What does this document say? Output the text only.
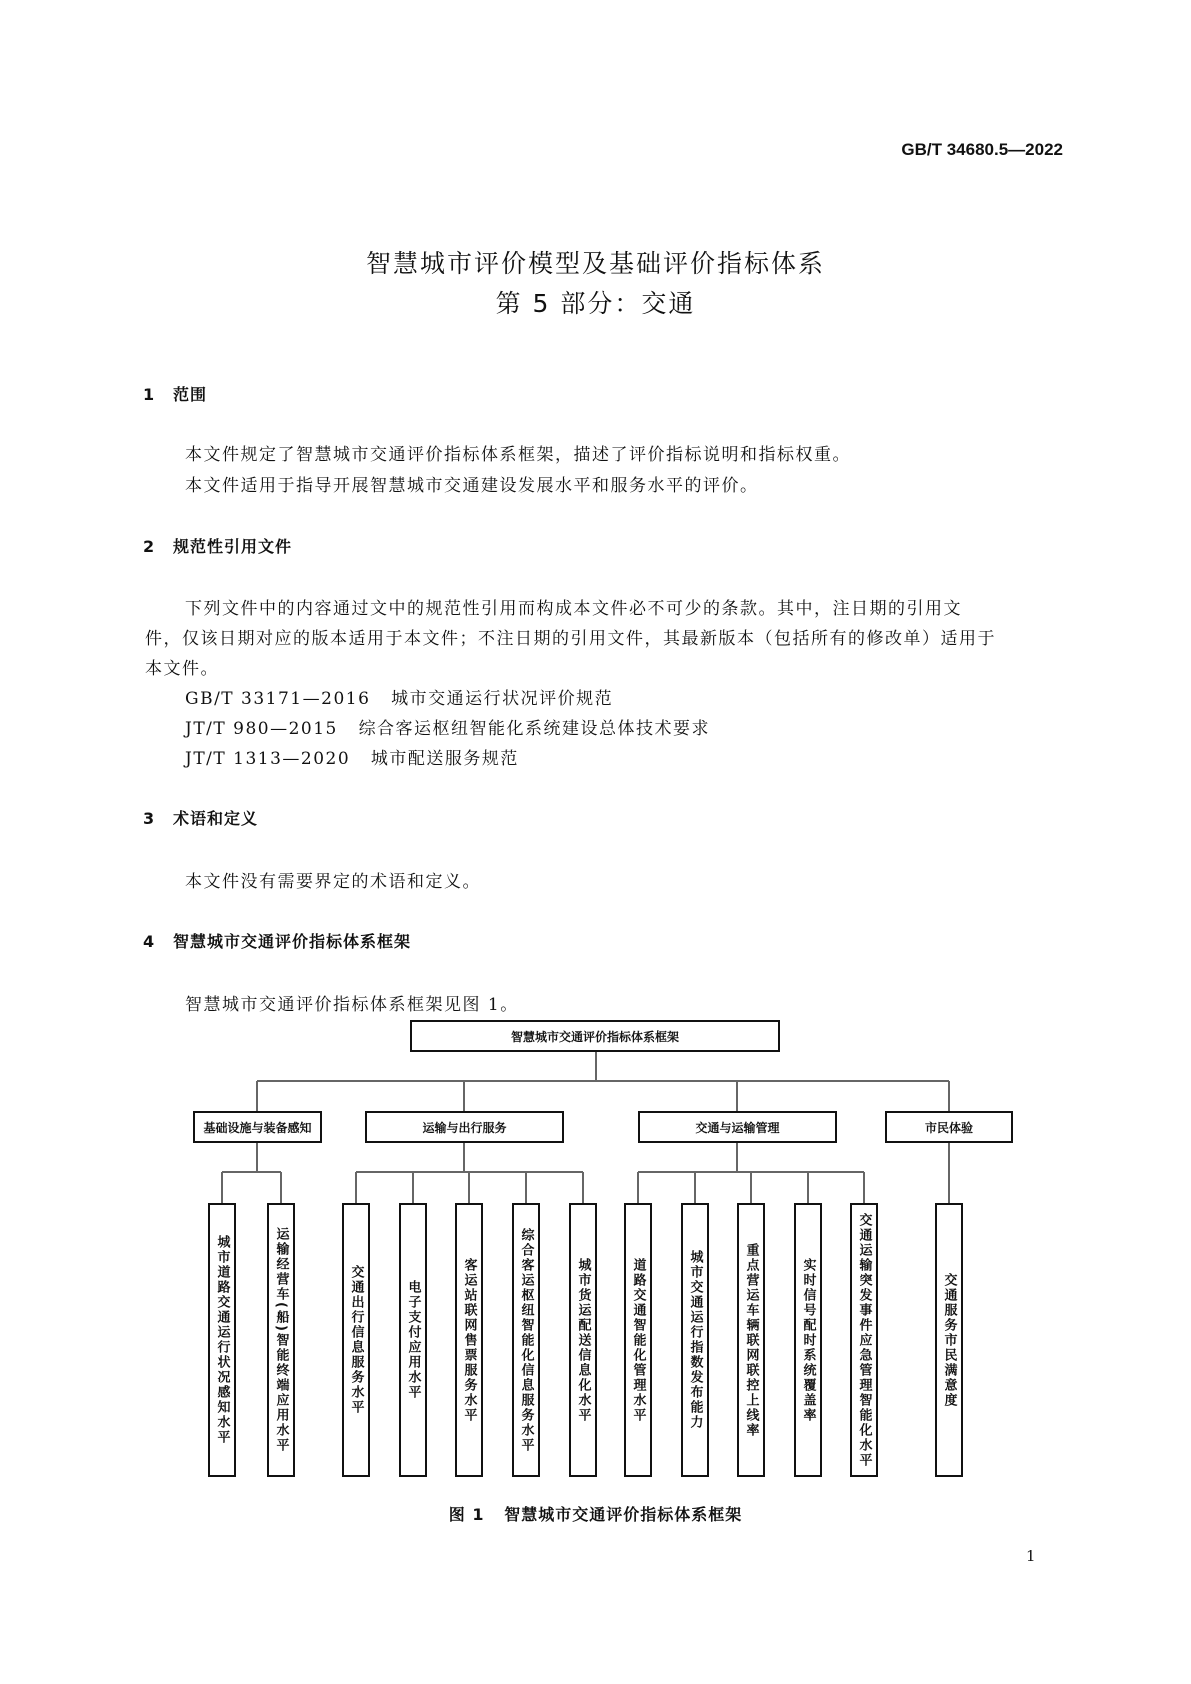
GB/T 34680.5—2022
智慧城市评价模型及基础评价指标体系
第 5 部分：交通
1 范围
本文件规定了智慧城市交通评价指标体系框架，描述了评价指标说明和指标权重。
本文件适用于指导开展智慧城市交通建设发展水平和服务水平的评价。
2 规范性引用文件
下列文件中的内容通过文中的规范性引用而构成本文件必不可少的条款。其中，注日期的引用文
件，仅该日期对应的版本适用于本文件；不注日期的引用文件，其最新版本（包括所有的修改单）适用于
本文件。
GB/T 33171—2016 城市交通运行状况评价规范
JT/T 980—2015 综合客运枢纽智能化系统建设总体技术要求
JT/T 1313—2020 城市配送服务规范
3 术语和定义
本文件没有需要界定的术语和定义。
4 智慧城市交通评价指标体系框架
智慧城市交通评价指标体系框架见图 1。
智慧城市交通评价指标体系框架
基础设施与装备感知	运输与出行服务	交通与运输管理	市民体验
城市道路交通运行状况感知水平	运输经营车(船)智能终端应用水平	交通出行信息服务水平	电子支付应用水平	客运站联网售票服务水平	综合客运枢纽智能化信息服务水平	城市货运配送信息化水平	道路交通智能化管理水平	城市交通运行指数发布能力	重点营运车辆联网联控上线率	实时信号配时系统覆盖率	交通运输突发事件应急管理智能化水平	交通服务市民满意度
图 1 智慧城市交通评价指标体系框架
1
